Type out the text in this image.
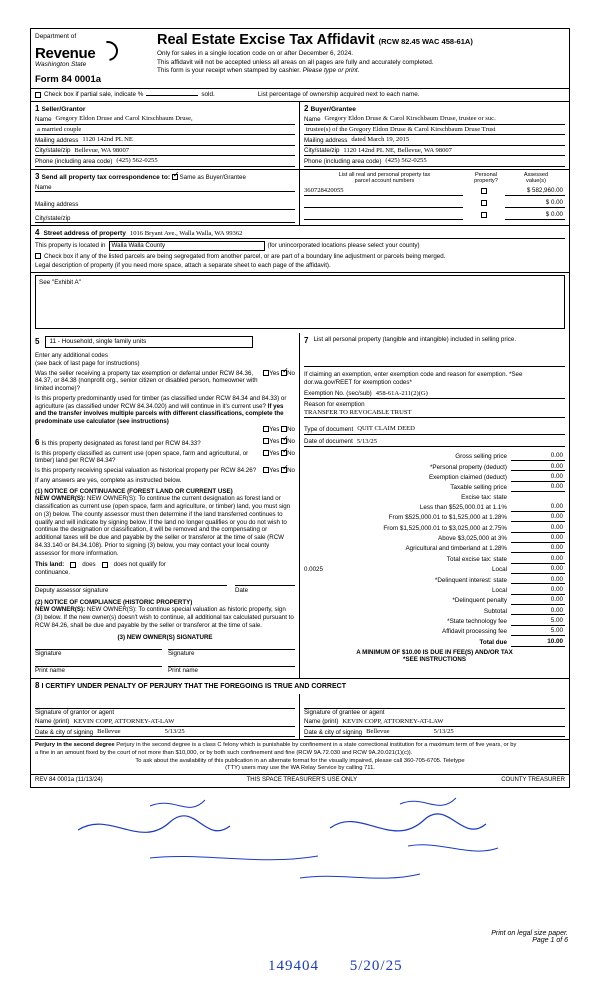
Department of
Revenue
Washington State
Form 84 0001a
Real Estate Excise Tax Affidavit (RCW 82.45 WAC 458-61A)
Only for sales in a single location code on or after December 6, 2024.
This affidavit will not be accepted unless all areas on all pages are fully and accurately completed.
This form is your receipt when stamped by cashier. Please type or print.
Check box if partial sale, indicate %	sold.	List percentage of ownership acquired next to each name.
1 Seller/Grantor
Name Gregory Eldon Druse and Carol Kirschbaum Druse,
a married couple
Mailing address 1120 142nd PL NE
City/state/zip Bellevue, WA 98007
Phone (including area code) (425) 562-0255
2 Buyer/Grantee
Name Gregory Eldon Druse & Carol Kirschbaum Druse, trustee or suc.
trustee(s) of the Gregory Eldon Druse & Carol Kirschbaum Druse Trust
Mailing address dated March 19, 2015
City/state/zip 1120 142nd PL NE, Bellevue, WA 98007
Phone (including area code) (425) 562-0255
3 Send all property tax correspondence to: ✓ Same as Buyer/Grantee
Name
Mailing address
City/state/zip
List all real and personal property tax
parcel account numbers
Personal
property?
Assessed
value(s)
360728420055	$ 582,960.00
$ 0.00
$ 0.00
4 Street address of property 1016 Bryant Ave., Walla Walla, WA 99362
This property is located in Walla Walla County	(for unincorporated locations please select your county)
Check box if any of the listed parcels are being segregated from another parcel, or are part of a boundary line adjustment or parcels being merged.
Legal description of property (if you need more space, attach a separate sheet to each page of the affidavit).
See "Exhibit A"
5	11 - Household, single family units
Enter any additional codes
(see back of last page for instructions)
Was the seller receiving a property tax exemption or deferral under RCW 84.36, 84.37, or 84.38 (nonprofit org., senior citizen or disabled person, homeowner with limited income)?
Yes ✓No
Is this property predominantly used for timber (as classified under RCW 84.34 and 84.33) or agriculture (as classified under RCW 84.34.020) and will continue in it's current use? If yes and the transfer involves multiple parcels with different classifications, complete the predominate use calculator (see instructions)
Yes No
6 Is this property designated as forest land per RCW 84.33?	Yes ✓No
Is this property classified as current use (open space, farm and agricultural, or timber) land per RCW 84.34?
Yes ✓No
Is this property receiving special valuation as historical property per RCW 84.26?	Yes ✓No
If any answers are yes, complete as instructed below.
(1) NOTICE OF CONTINUANCE (FOREST LAND OR CURRENT USE)
NEW OWNER(S): NEW OWNER(S): To continue the current designation as forest land or classification as current use (open space, farm and agriculture, or timber) land, you must sign on (3) below. The county assessor must then determine if the land transferred continues to qualify and will indicate by signing below. If the land no longer qualifies or you do not wish to continue the designation or classification, it will be removed and the compensating or additional taxes will be due and payable by the seller or transferor at the time of sale (RCW 84.33.140 or 84.34.108). Prior to signing (3) below, you may contact your local county assessor for more information.
This land:	does	does not qualify for
continuance.
Deputy assessor signature	Date
(2) NOTICE OF COMPLIANCE (HISTORIC PROPERTY)
NEW OWNER(S): NEW OWNER(S): To continue special valuation as historic property, sign (3) below. If the new owner(s) doesn't wish to continue, all additional tax calculated pursuant to RCW 84.26, shall be due and payable by the seller or transferor at the time of sale.
(3) NEW OWNER(S) SIGNATURE
Signature	Signature
Print name	Print name
7 List all personal property (tangible and intangible) included in selling price.
If claiming an exemption, enter exemption code and reason for exemption. *See dor.wa.gov/REET for exemption codes*
Exemption No. (sec/sub) 458-61A-211(2)(G)
Reason for exemption
TRANSFER TO REVOCABLE TRUST
Type of document QUIT CLAIM DEED
Date of document 5/13/25
Gross selling price	0.00
*Personal property (deduct)	0.00
Exemption claimed (deduct)	0.00
Taxable selling price	0.00
Excise tax: state
Less than $525,000.01 at 1.1%	0.00
From $525,000.01 to $1,525,000 at 1.28%	0.00
From $1,525,000.01 to $3,025,000 at 2.75%	0.00
Above $3,025,000 at 3%	0.00
Agricultural and timberland at 1.28%	0.00
Total excise tax: state	0.00
0.0025	Local	0.00
*Delinquent interest: state	0.00
Local	0.00
*Delinquent penalty	0.00
Subtotal	0.00
*State technology fee	5.00
Affidavit processing fee	5.00
Total due	10.00
A MINIMUM OF $10.00 IS DUE IN FEE(S) AND/OR TAX
*SEE INSTRUCTIONS
8 I CERTIFY UNDER PENALTY OF PERJURY THAT THE FOREGOING IS TRUE AND CORRECT
Signature of grantor or agent
Name (print) KEVIN COPP, ATTORNEY-AT-LAW
Date & city of signing Bellevue	5/13/25
Signature of grantee or agent
Name (print) KEVIN COPP, ATTORNEY-AT-LAW
Date & city of signing Bellevue	5/13/25
Perjury in the second degree Perjury in the second degree is a class C felony which is punishable by confinement in a state correctional institution for a maximum term of five years, or by
a fine in an amount fixed by the court of not more than $10,000, or by both such confinement and fine (RCW 9A.72.030 and RCW 9A.20.021(1)(c)).
To ask about the availability of this publication in an alternate format for the visually impaired, please call 360-705-6705. Teletype
(TTY) users may use the WA Relay Service by calling 711.
REV 84 0001a (11/13/24)	THIS SPACE TREASURER'S USE ONLY	COUNTY TREASURER
Print on legal size paper.
Page 1 of 6
149404 5/20/25
